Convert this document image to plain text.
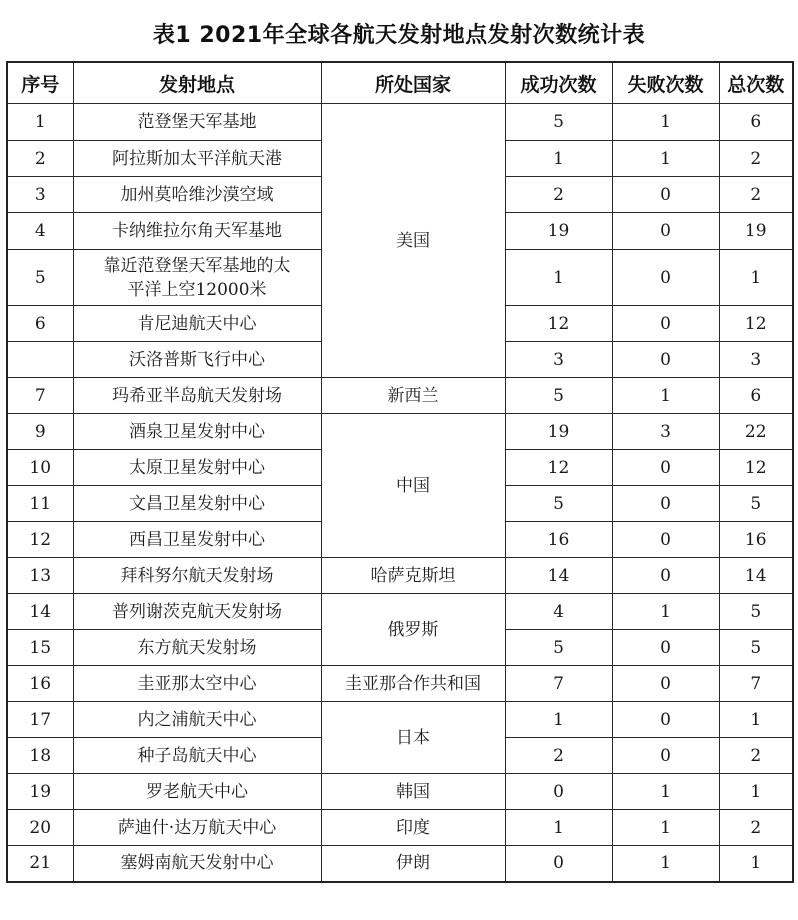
表1 2021年全球各航天发射地点发射次数统计表
序号	发射地点	所处国家	成功次数	失败次数	总次数
1	范登堡天军基地	美国	5	1	6
2	阿拉斯加太平洋航天港		1	1	2
3	加州莫哈维沙漠空域		2	0	2
4	卡纳维拉尔角天军基地		19	0	19
5	靠近范登堡天军基地的太平洋上空12000米		1	0	1
6	肯尼迪航天中心		12	0	12
	沃洛普斯飞行中心		3	0	3
7	玛希亚半岛航天发射场	新西兰	5	1	6
9	酒泉卫星发射中心	中国	19	3	22
10	太原卫星发射中心		12	0	12
11	文昌卫星发射中心		5	0	5
12	西昌卫星发射中心		16	0	16
13	拜科努尔航天发射场	哈萨克斯坦	14	0	14
14	普列谢茨克航天发射场	俄罗斯	4	1	5
15	东方航天发射场		5	0	5
16	圭亚那太空中心	圭亚那合作共和国	7	0	7
17	内之浦航天中心	日本	1	0	1
18	种子岛航天中心		2	0	2
19	罗老航天中心	韩国	0	1	1
20	萨迪什·达万航天中心	印度	1	1	2
21	塞姆南航天发射中心	伊朗	0	1	1
